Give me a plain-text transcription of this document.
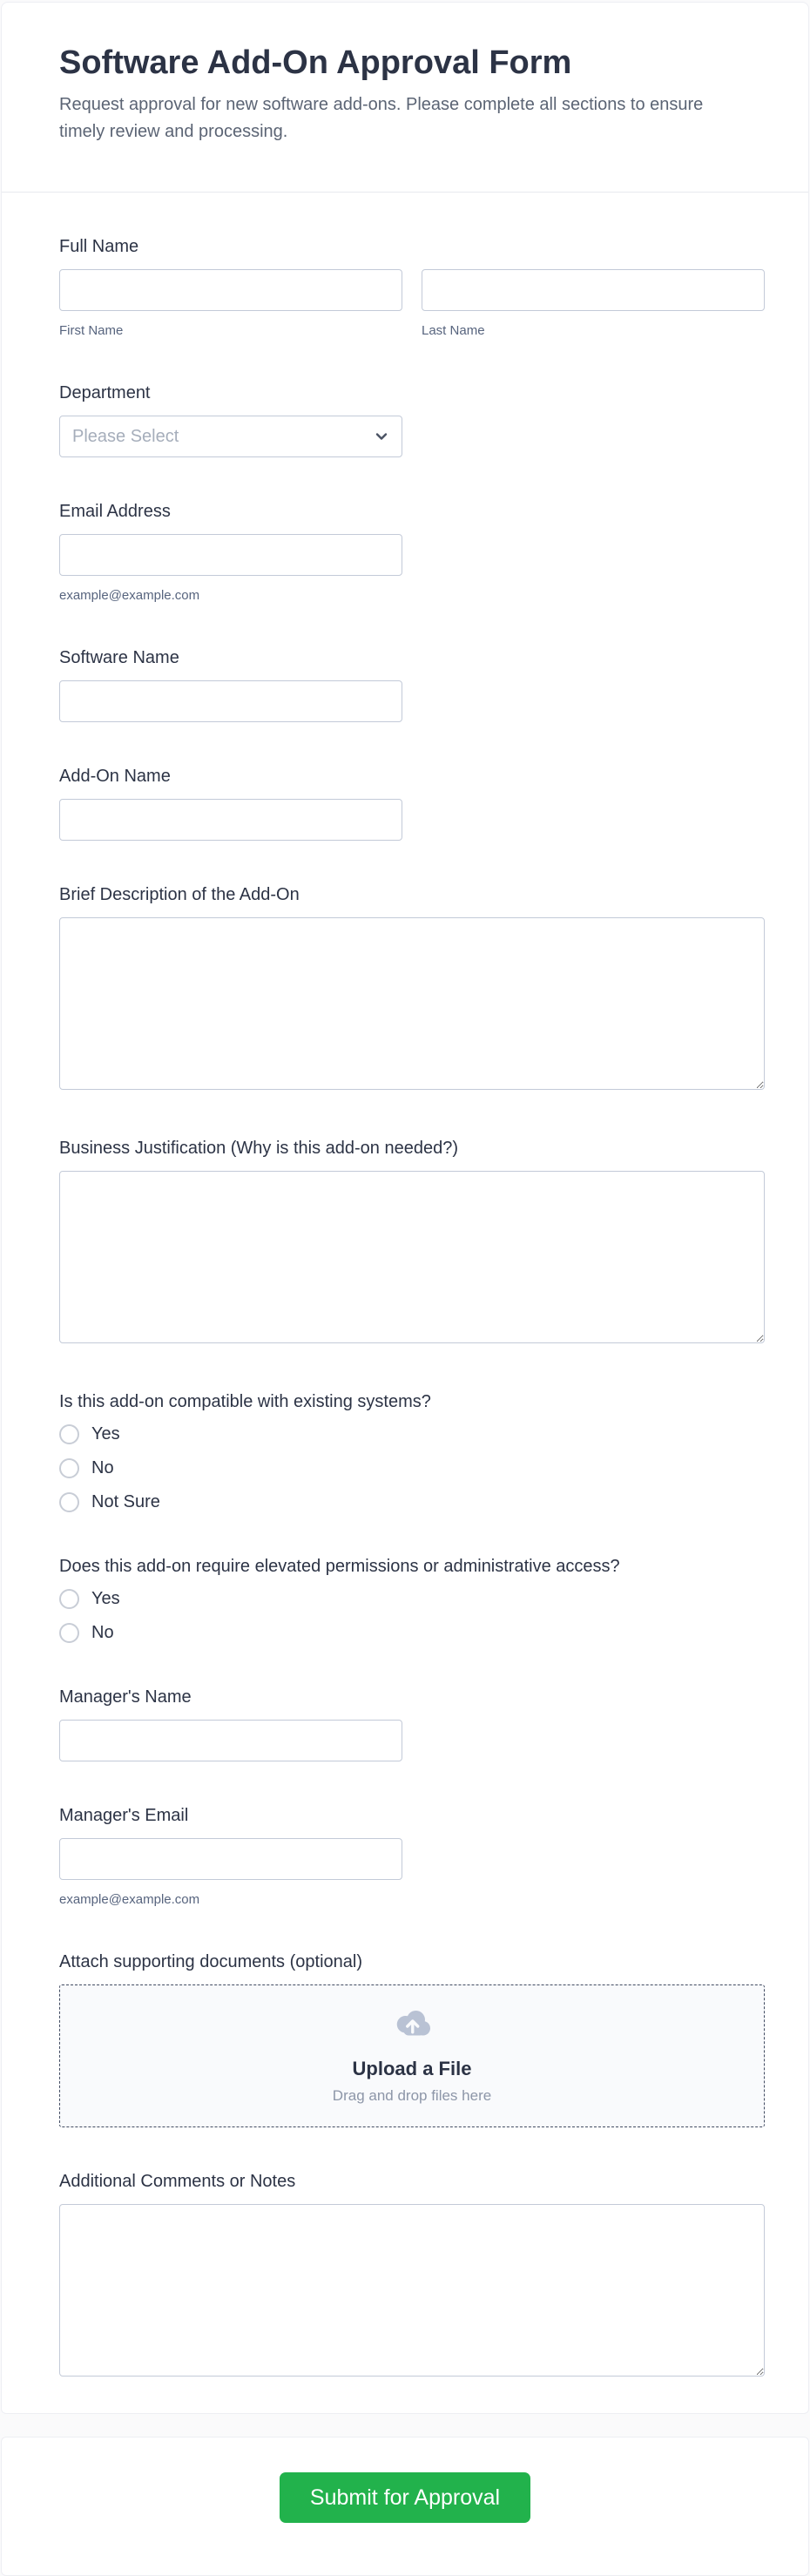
Software Add-On Approval Form

Request approval for new software add-ons. Please complete all sections to ensure timely review and processing.

Full Name
First Name	Last Name
Department
Please Select
Email Address
example@example.com
Software Name
Add-On Name
Brief Description of the Add-On
Business Justification (Why is this add-on needed?)
Is this add-on compatible with existing systems?
Yes
No
Not Sure
Does this add-on require elevated permissions or administrative access?
Yes
No
Manager's Name
Manager's Email
example@example.com
Attach supporting documents (optional)
Upload a File
Drag and drop files here
Additional Comments or Notes
Submit for Approval
